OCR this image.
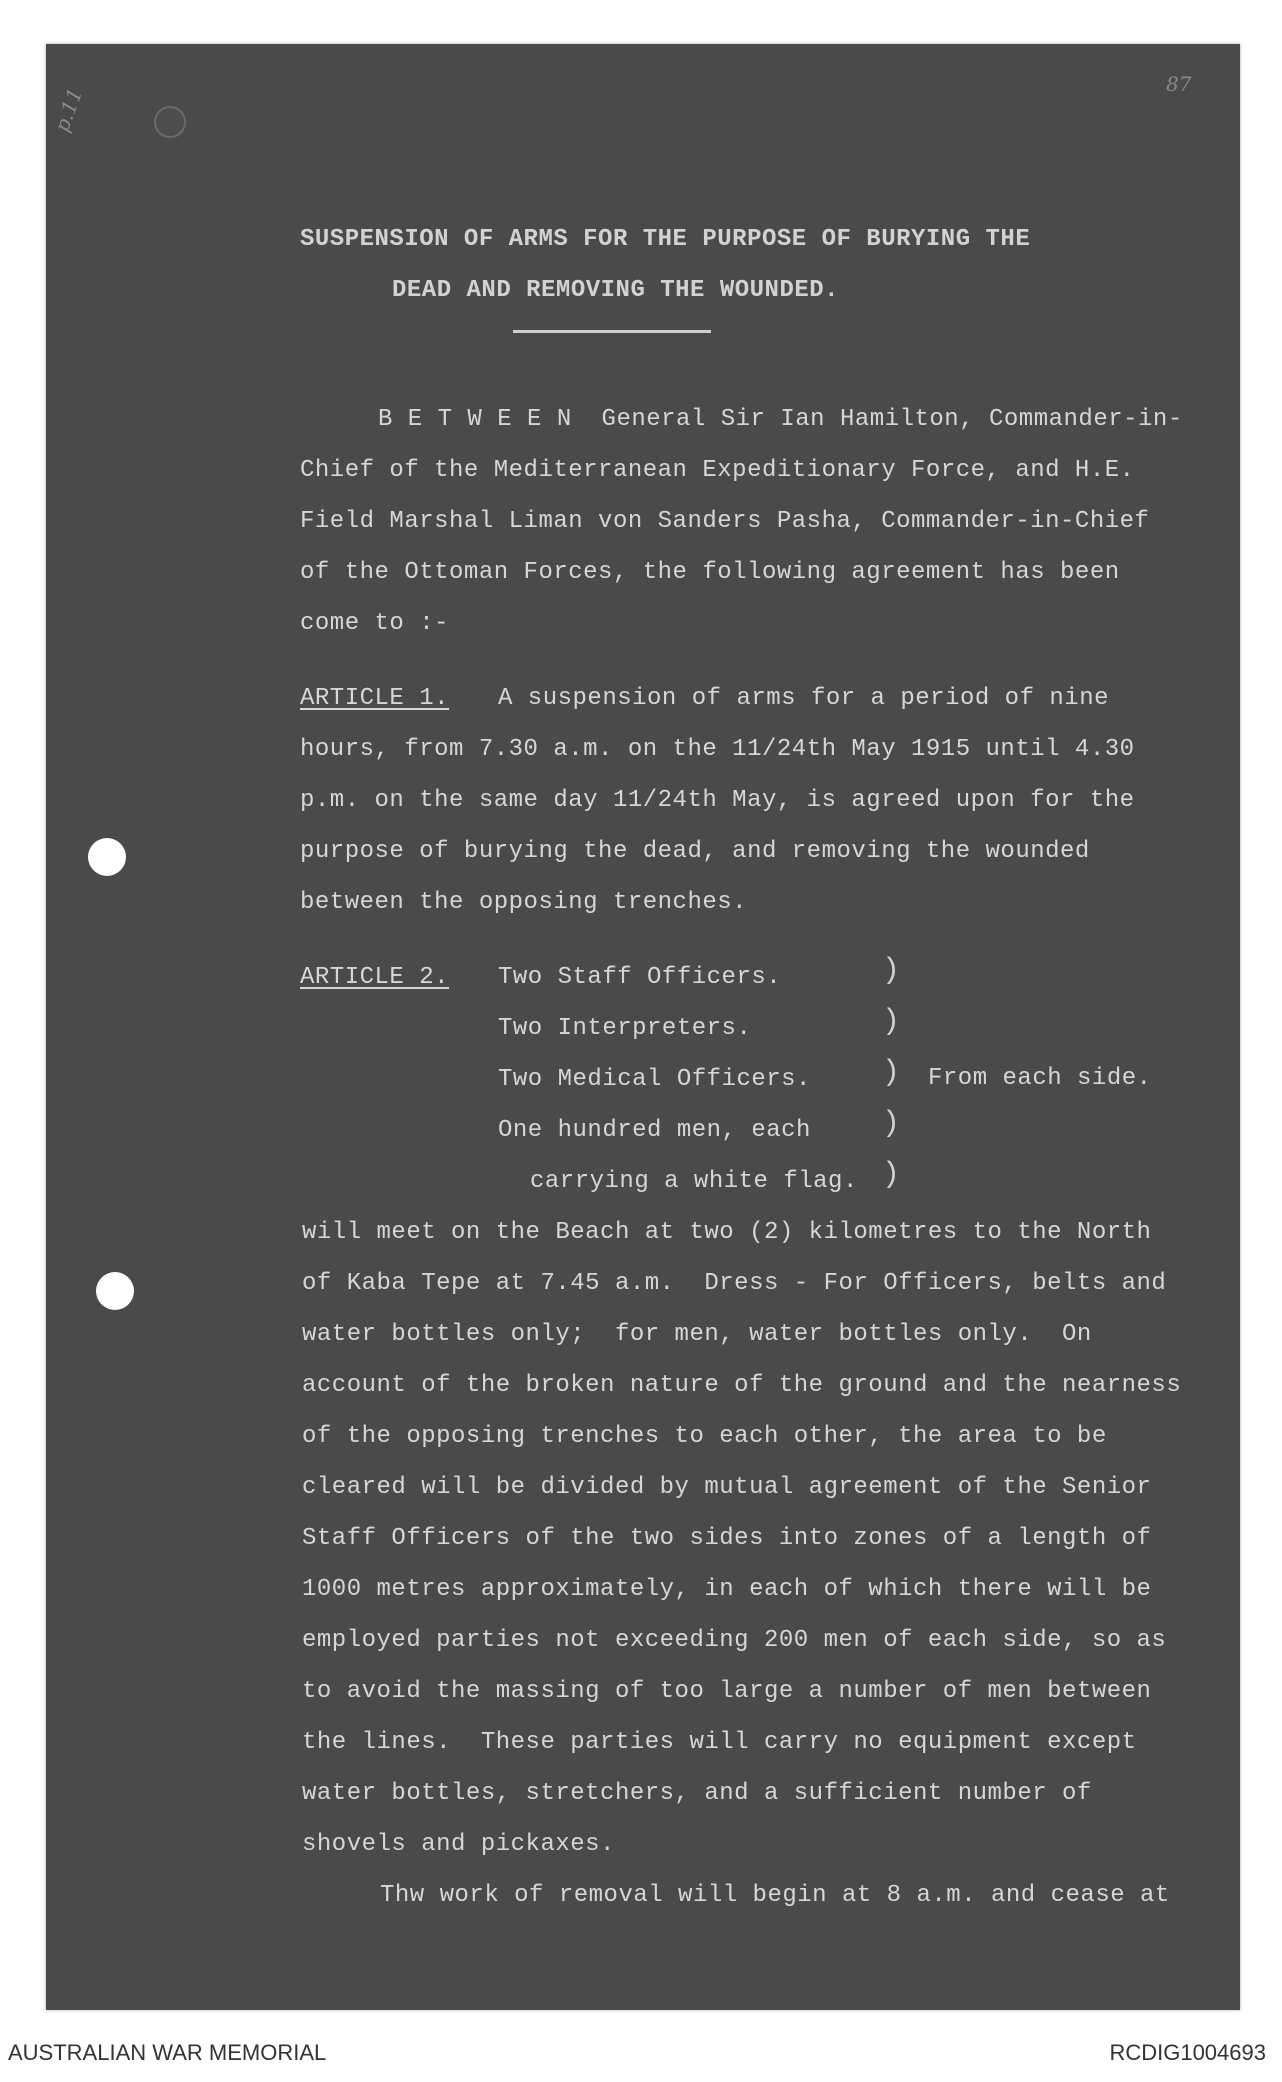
p.11
87
SUSPENSION OF ARMS FOR THE PURPOSE OF BURYING THE
DEAD AND REMOVING THE WOUNDED.
B E T W E E N  General Sir Ian Hamilton, Commander-in-
Chief of the Mediterranean Expeditionary Force, and H.E.
Field Marshal Liman von Sanders Pasha, Commander-in-Chief
of the Ottoman Forces, the following agreement has been
come to :-
ARTICLE 1. A suspension of arms for a period of nine
hours, from 7.30 a.m. on the 11/24th May 1915 until 4.30
p.m. on the same day 11/24th May, is agreed upon for the
purpose of burying the dead, and removing the wounded
between the opposing trenches.
ARTICLE 2. Two Staff Officers.
Two Interpreters.
Two Medical Officers.
One hundred men, each
carrying a white flag.
)
)
)
)
)
From each side.
will meet on the Beach at two (2) kilometres to the North
of Kaba Tepe at 7.45 a.m.  Dress - For Officers, belts and
water bottles only;  for men, water bottles only.  On
account of the broken nature of the ground and the nearness
of the opposing trenches to each other, the area to be
cleared will be divided by mutual agreement of the Senior
Staff Officers of the two sides into zones of a length of
1000 metres approximately, in each of which there will be
employed parties not exceeding 200 men of each side, so as
to avoid the massing of too large a number of men between
the lines.  These parties will carry no equipment except
water bottles, stretchers, and a sufficient number of
shovels and pickaxes.
Thw work of removal will begin at 8 a.m. and cease at
AUSTRALIAN WAR MEMORIAL	RCDIG1004693
